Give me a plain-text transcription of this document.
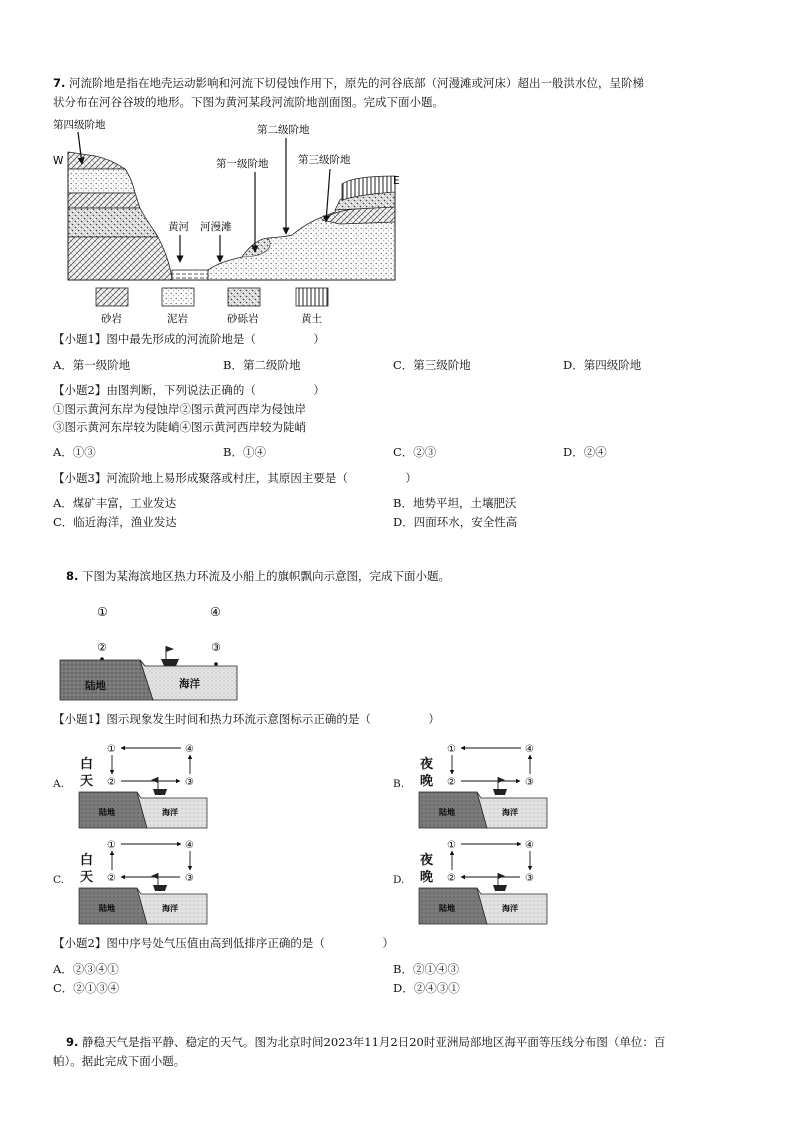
7. 河流阶地是指在地壳运动影响和河流下切侵蚀作用下，原先的河谷底部（河漫滩或河床）超出一般洪水位，呈阶梯
状分布在河谷谷坡的地形。下图为黄河某段河流阶地剖面图。完成下面小题。
第四级阶地
W
E
第二级阶地
第一级阶地	第三级阶地
黄河 河漫滩
砂岩	泥岩	砂砾岩	黄土
【小题1】图中最先形成的河流阶地是（　　　　　）
A．第一级阶地	B．第二级阶地	C．第三级阶地	D．第四级阶地
【小题2】由图判断，下列说法正确的（　　　　　）
①图示黄河东岸为侵蚀岸②图示黄河西岸为侵蚀岸
③图示黄河东岸较为陡峭④图示黄河西岸较为陡峭
A．①③	B．①④	C．②③	D．②④
【小题3】河流阶地上易形成聚落或村庄，其原因主要是（　　　　　）
A．煤矿丰富，工业发达	B．地势平坦，土壤肥沃
C．临近海洋，渔业发达	D．四面环水，安全性高
8. 下图为某海滨地区热力环流及小船上的旗帜飘向示意图，完成下面小题。
①	④
②	③
陆地	海洋
【小题1】图示现象发生时间和热力环流示意图标示正确的是（　　　　　）
A.
白
天
①	④
②	③
陆地	海洋
B.
夜
晚
①	④
②	③
陆地	海洋
C.
白
天
①	④
②	③
陆地	海洋
D.
夜
晚
①	④
②	③
陆地	海洋
【小题2】图中序号处气压值由高到低排序正确的是（　　　　　）
A．②③④①	B．②①④③
C．②①③④	D．②④③①
9. 静稳天气是指平静、稳定的天气。图为北京时间2023年11月2日20时亚洲局部地区海平面等压线分布图（单位：百
帕）。据此完成下面小题。
